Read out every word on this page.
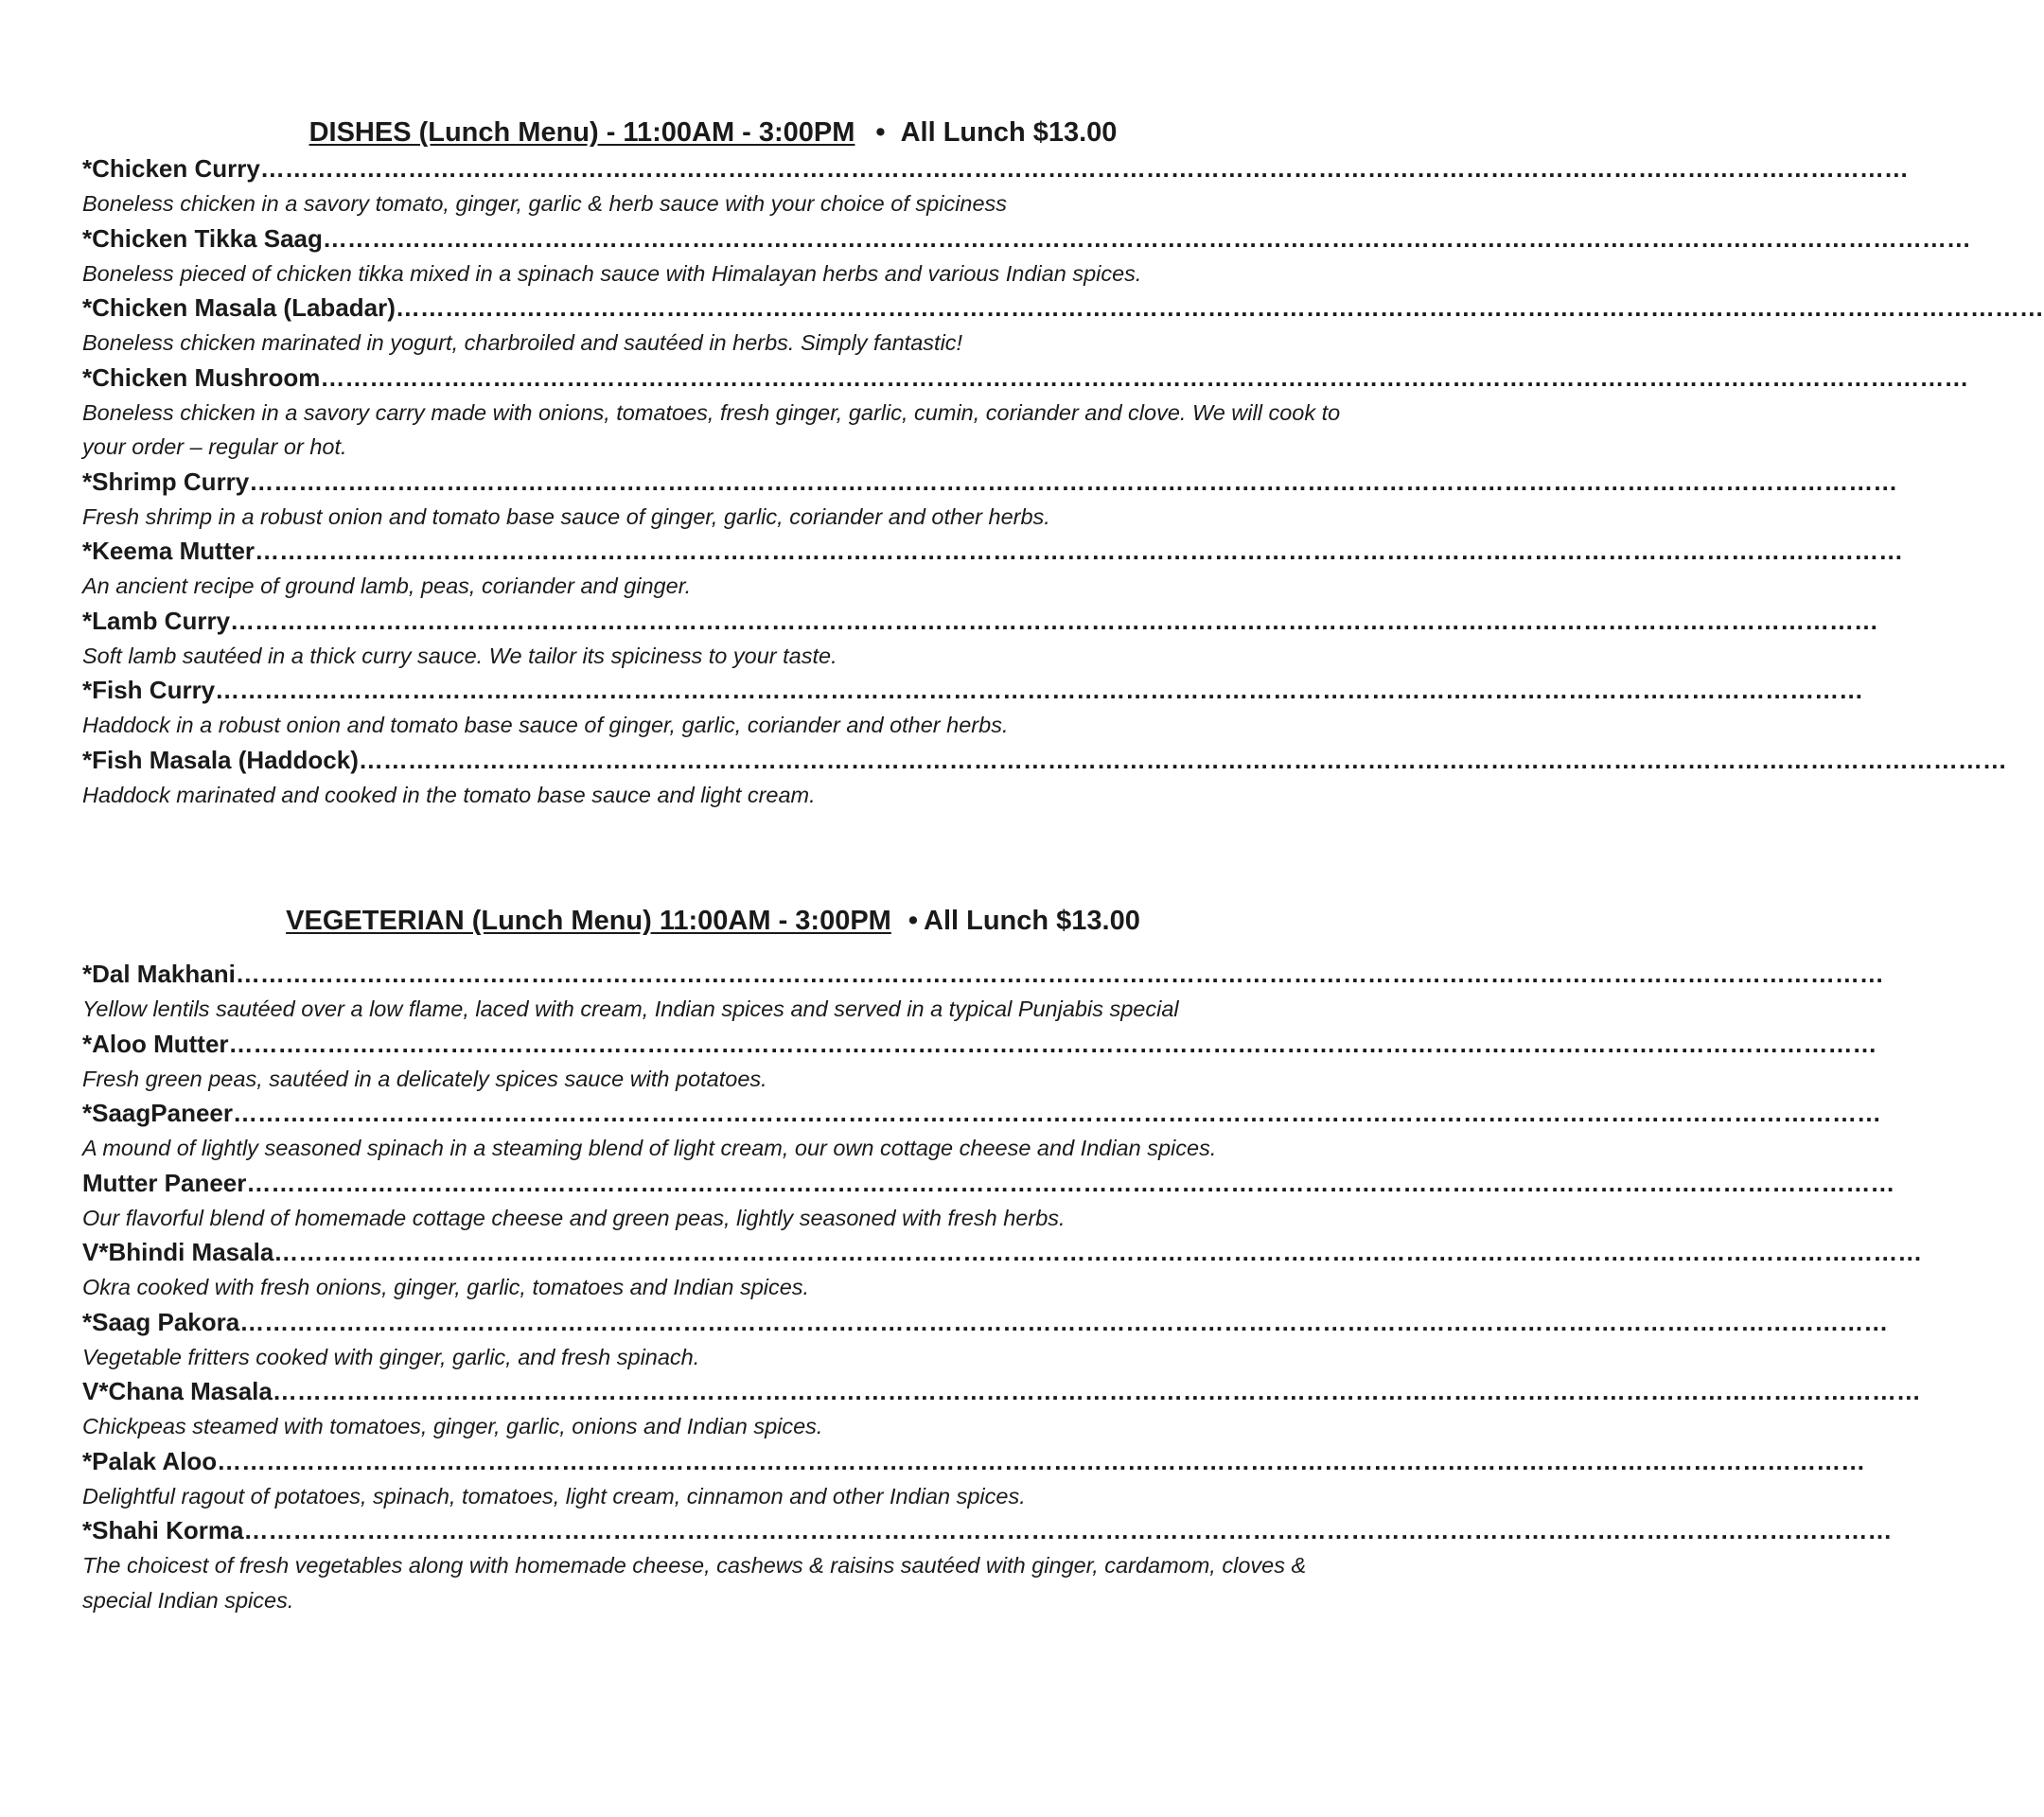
DISHES (Lunch Menu) - 11:00AM - 3:00PM • All Lunch $13.00
*Chicken Curry …………………………………………………………………………………………………………………………………………………………………………………

Boneless chicken in a savory tomato, ginger, garlic & herb sauce with your choice of spiciness

*Chicken Tikka Saag …………………………………………………………………………………………………………………………………………………………………………………

Boneless pieced of chicken tikka mixed in a spinach sauce with Himalayan herbs and various Indian spices.

*Chicken Masala (Labadar) …………………………………………………………………………………………………………………………………………………………………………………

Boneless chicken marinated in yogurt, charbroiled and sautéed in herbs. Simply fantastic!

*Chicken Mushroom …………………………………………………………………………………………………………………………………………………………………………………

Boneless chicken in a savory carry made with onions, tomatoes, fresh ginger, garlic, cumin, coriander and clove. We will cook to your order – regular or hot.

*Shrimp Curry …………………………………………………………………………………………………………………………………………………………………………………

Fresh shrimp in a robust onion and tomato base sauce of ginger, garlic, coriander and other herbs.

*Keema Mutter …………………………………………………………………………………………………………………………………………………………………………………

An ancient recipe of ground lamb, peas, coriander and ginger.

*Lamb Curry …………………………………………………………………………………………………………………………………………………………………………………

Soft lamb sautéed in a thick curry sauce. We tailor its spiciness to your taste.

*Fish Curry …………………………………………………………………………………………………………………………………………………………………………………

Haddock in a robust onion and tomato base sauce of ginger, garlic, coriander and other herbs.

*Fish Masala (Haddock) …………………………………………………………………………………………………………………………………………………………………………………

Haddock marinated and cooked in the tomato base sauce and light cream.

VEGETERIAN (Lunch Menu) 11:00AM - 3:00PM • All Lunch $13.00
*Dal Makhani …………………………………………………………………………………………………………………………………………………………………………………

Yellow lentils sautéed over a low flame, laced with cream, Indian spices and served in a typical Punjabis special

*Aloo Mutter …………………………………………………………………………………………………………………………………………………………………………………

Fresh green peas, sautéed in a delicately spices sauce with potatoes.

*SaagPaneer …………………………………………………………………………………………………………………………………………………………………………………

A mound of lightly seasoned spinach in a steaming blend of light cream, our own cottage cheese and Indian spices.

Mutter Paneer …………………………………………………………………………………………………………………………………………………………………………………

Our flavorful blend of homemade cottage cheese and green peas, lightly seasoned with fresh herbs.

V*Bhindi Masala …………………………………………………………………………………………………………………………………………………………………………………

Okra cooked with fresh onions, ginger, garlic, tomatoes and Indian spices.

*Saag Pakora …………………………………………………………………………………………………………………………………………………………………………………

Vegetable fritters cooked with ginger, garlic, and fresh spinach.

V*Chana Masala …………………………………………………………………………………………………………………………………………………………………………………

Chickpeas steamed with tomatoes, ginger, garlic, onions and Indian spices.

*Palak Aloo …………………………………………………………………………………………………………………………………………………………………………………

Delightful ragout of potatoes, spinach, tomatoes, light cream, cinnamon and other Indian spices.

*Shahi Korma …………………………………………………………………………………………………………………………………………………………………………………

The choicest of fresh vegetables along with homemade cheese, cashews & raisins sautéed with ginger, cardamom, cloves & special Indian spices.
